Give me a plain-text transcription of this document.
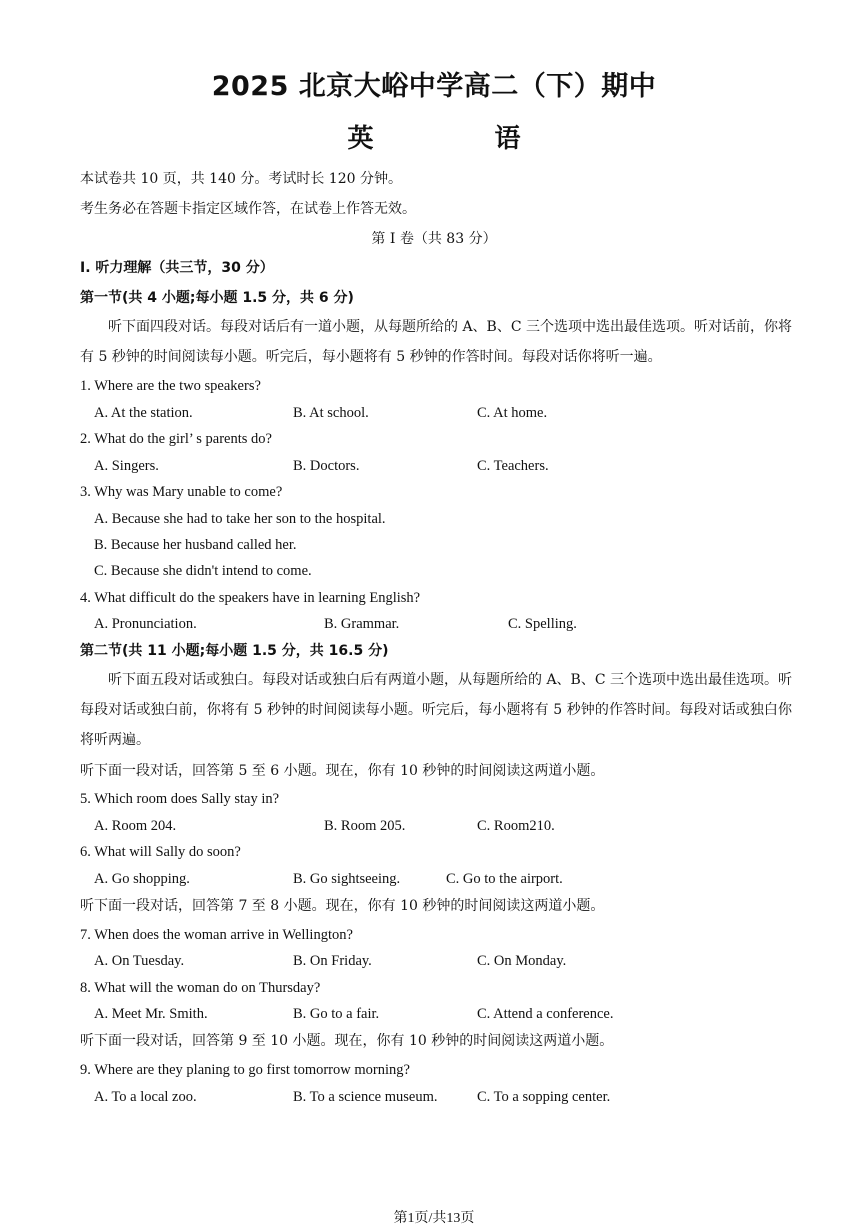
2025 北京大峪中学高二（下）期中
英 语
本试卷共 10 页，共 140 分。考试时长 120 分钟。
考生务必在答题卡指定区域作答，在试卷上作答无效。
第 I 卷（共 83 分）
I. 听力理解（共三节，30 分）
第一节(共 4 小题;每小题 1.5 分，共 6 分)
听下面四段对话。每段对话后有一道小题，从每题所给的 A、B、C 三个选项中选出最佳选项。听对话前，你将有 5 秒钟的时间阅读每小题。听完后，每小题将有 5 秒钟的作答时间。每段对话你将听一遍。
1. Where are the two speakers?
A. At the station.	B. At school.	C. At home.
2. What do the girl’ s parents do?
A. Singers.	B. Doctors.	C. Teachers.
3. Why was Mary unable to come?
A. Because she had to take her son to the hospital.
B. Because her husband called her.
C. Because she didn't intend to come.
4. What difficult do the speakers have in learning English?
A. Pronunciation.	B. Grammar.	C. Spelling.
第二节(共 11 小题;每小题 1.5 分，共 16.5 分)
听下面五段对话或独白。每段对话或独白后有两道小题，从每题所给的 A、B、C 三个选项中选出最佳选项。听每段对话或独白前，你将有 5 秒钟的时间阅读每小题。听完后，每小题将有 5 秒钟的作答时间。每段对话或独白你将听两遍。
听下面一段对话，回答第 5 至 6 小题。现在，你有 10 秒钟的时间阅读这两道小题。
5. Which room does Sally stay in?
A. Room 204.	B. Room 205.	C. Room210.
6. What will Sally do soon?
A. Go shopping.	B. Go sightseeing.	C. Go to the airport.
听下面一段对话，回答第 7 至 8 小题。现在，你有 10 秒钟的时间阅读这两道小题。
7. When does the woman arrive in Wellington?
A. On Tuesday.	B. On Friday.	C. On Monday.
8. What will the woman do on Thursday?
A. Meet Mr. Smith.	B. Go to a fair.	C. Attend a conference.
听下面一段对话，回答第 9 至 10 小题。现在，你有 10 秒钟的时间阅读这两道小题。
9. Where are they planing to go first tomorrow morning?
A. To a local zoo.	B. To a science museum.	C. To a sopping center.
第1页/共13页
